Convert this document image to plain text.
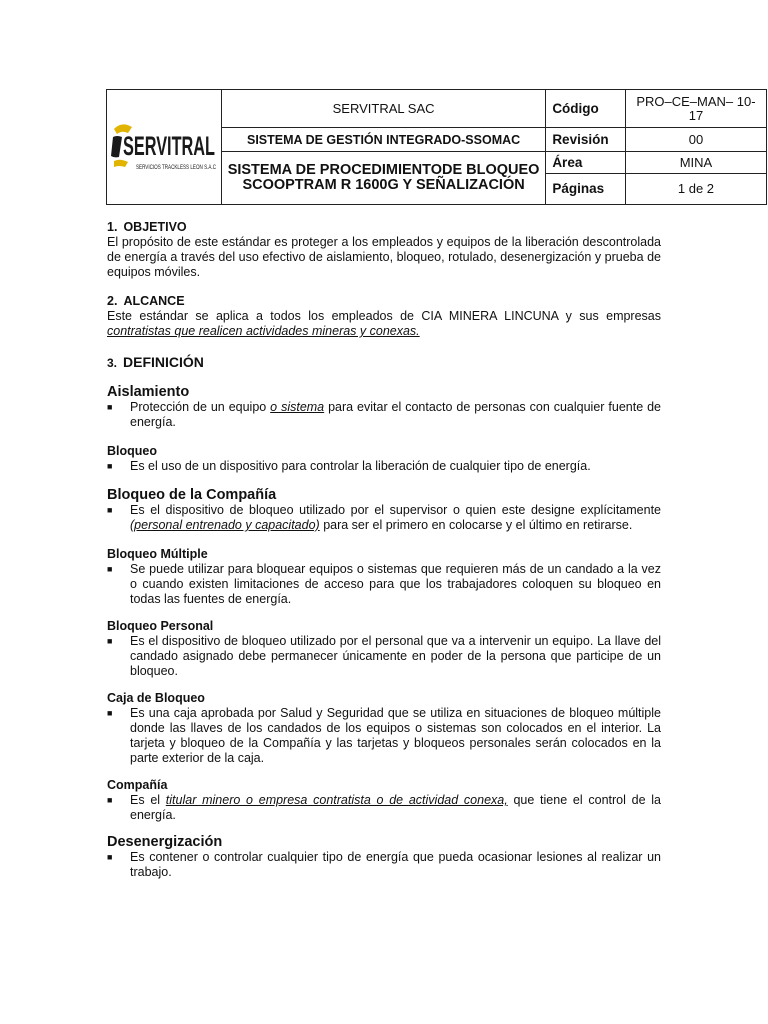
SERVITRAL
SERVICIOS TRACKLESS LEON S.A.C	SERVITRAL SAC	Código	PRO–CE–MAN– 10-17
	SISTEMA DE GESTIÓN INTEGRADO-SSOMAC	Revisión	00
	SISTEMA DE PROCEDIMIENTODE BLOQUEO SCOOPTRAM R 1600G Y SEÑALIZACIÓN	Área	MINA
		Páginas	1 de 2

1. OBJETIVO

El propósito de este estándar es proteger a los empleados y equipos de la liberación descontrolada de energía a través del uso efectivo de aislamiento, bloqueo, rotulado, desenergización y prueba de equipos móviles.

2. ALCANCE

Este estándar se aplica a todos los empleados de CIA MINERA LINCUNA y sus empresas contratistas que realicen actividades mineras y conexas.

3. DEFINICIÓN

Aislamiento

■	Protección de un equipo o sistema para evitar el contacto de personas con cualquier fuente de energía.

Bloqueo

■	Es el uso de un dispositivo para controlar la liberación de cualquier tipo de energía.

Bloqueo de la Compañía

■	Es el dispositivo de bloqueo utilizado por el supervisor o quien este designe explícitamente (personal entrenado y capacitado) para ser el primero en colocarse y el último en retirarse.

Bloqueo Múltiple

■	Se puede utilizar para bloquear equipos o sistemas que requieren más de un candado a la vez o cuando existen limitaciones de acceso para que los trabajadores coloquen su bloqueo en todas las fuentes de energía.

Bloqueo Personal

■	Es el dispositivo de bloqueo utilizado por el personal que va a intervenir un equipo. La llave del candado asignado debe permanecer únicamente en poder de la persona que participe de un bloqueo.

Caja de Bloqueo

■	Es una caja aprobada por Salud y Seguridad que se utiliza en situaciones de bloqueo múltiple donde las llaves de los candados de los equipos o sistemas son colocados en el interior. La tarjeta y bloqueo de la Compañía y las tarjetas y bloqueos personales serán colocados en la parte exterior de la caja.

Compañía

■	Es el titular minero o empresa contratista o de actividad conexa, que tiene el control de la energía.

Desenergización

■	Es contener o controlar cualquier tipo de energía que pueda ocasionar lesiones al realizar un trabajo.
